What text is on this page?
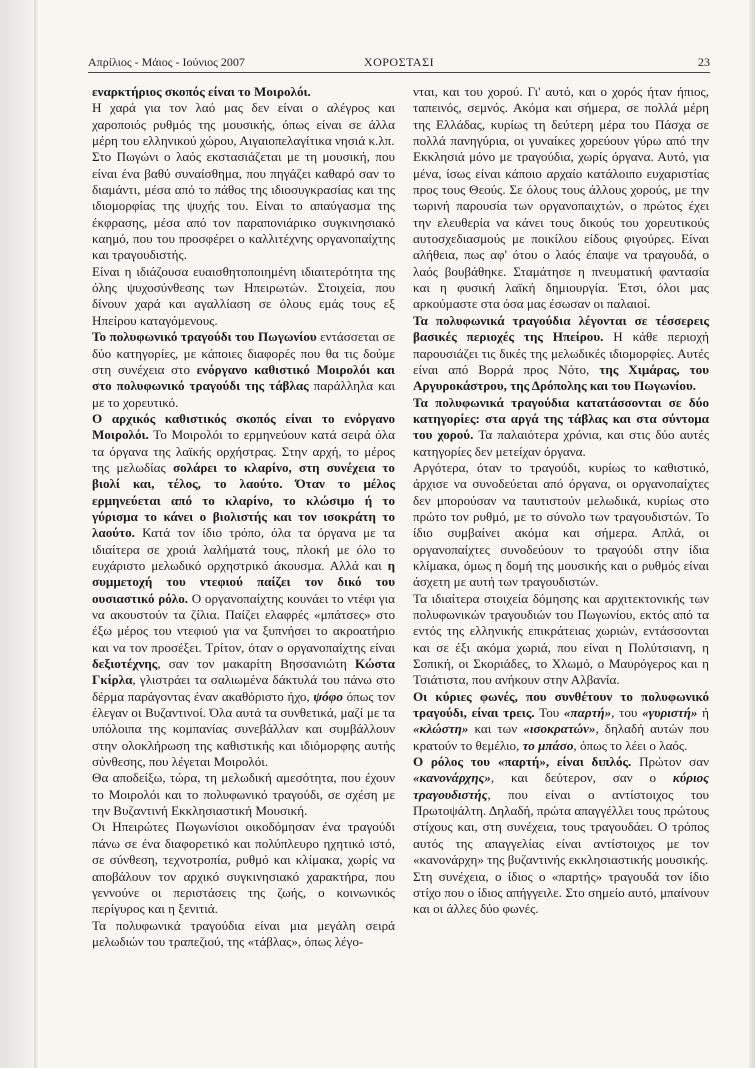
Απρίλιος - Μάιος - Ιούνιος 2007	ΧΟΡΟΣΤΑΣΙ	23

εναρκτήριος σκοπός είναι το Μοιρολόι.

Η χαρά για τον λαό μας δεν είναι ο αλέγρος και χαροποιός ρυθμός της μουσικής, όπως είναι σε άλλα μέρη του ελληνικού χώρου, Αιγαιοπελαγίτικα νησιά κ.λπ.

Στο Πωγώνι ο λαός εκστασιάζεται με τη μουσική, που είναι ένα βαθύ συναίσθημα, που πηγάζει καθαρό σαν το διαμάντι, μέσα από το πάθος της ιδιοσυγκρασίας και της ιδιομορφίας της ψυχής του. Είναι το απαύγασμα της έκφρασης, μέσα από τον παραπονιάρικο συγκινησιακό καημό, που του προσφέρει ο καλλιτέχνης οργανοπαίχτης και τραγουδιστής.

Είναι η ιδιάζουσα ευαισθητοποιημένη ιδιαιτερότητα της όλης ψυχοσύνθεσης των Ηπειρωτών. Στοιχεία, που δίνουν χαρά και αγαλλίαση σε όλους εμάς τους εξ Ηπείρου καταγόμενους.

Το πολυφωνικό τραγούδι του Πωγωνίου εντάσσεται σε δύο κατηγορίες, με κάποιες διαφορές που θα τις δούμε στη συνέχεια στο ενόργανο καθιστικό Μοιρολόι και στο πολυφωνικό τραγούδι της τάβλας παράλληλα και με το χορευτικό.

Ο αρχικός καθιστικός σκοπός είναι το ενόργανο Μοιρολόι. Το Μοιρολόι το ερμηνεύουν κατά σειρά όλα τα όργανα της λαϊκής ορχήστρας. Στην αρχή, το μέρος της μελωδίας σολάρει το κλαρίνο, στη συνέχεια το βιολί και, τέλος, το λαούτο. Όταν το μέλος ερμηνεύεται από το κλαρίνο, το κλώσιμο ή το γύρισμα το κάνει ο βιολιστής και τον ισοκράτη το λαούτο. Κατά τον ίδιο τρόπο, όλα τα όργανα με τα ιδιαίτερα σε χροιά λαλήματά τους, πλοκή με όλο το ευχάριστο μελωδικό ορχηστρικό άκουσμα. Αλλά και η συμμετοχή του ντεφιού παίζει τον δικό του ουσιαστικό ρόλο. Ο οργανοπαίχτης κουνάει το ντέφι για να ακουστούν τα ζίλια. Παίζει ελαφρές «μπάτσες» στο έξω μέρος του ντεφιού για να ξυπνήσει το ακροατήριο και να τον προσέξει. Τρίτον, όταν ο οργανοπαίχτης είναι δεξιοτέχνης, σαν τον μακαρίτη Βησσανιώτη Κώστα Γκίρλα, γλιστράει τα σαλιωμένα δάκτυλά του πάνω στο δέρμα παράγοντας έναν ακαθόριστο ήχο, ψόφο όπως τον έλεγαν οι Βυζαντινοί. Όλα αυτά τα συνθετικά, μαζί με τα υπόλοιπα της κομπανίας συνεβάλλαν και συμβάλλουν στην ολοκλήρωση της καθιστικής και ιδιόμορφης αυτής σύνθεσης, που λέγεται Μοιρολόι.

Θα αποδείξω, τώρα, τη μελωδική αμεσότητα, που έχουν το Μοιρολόι και το πολυφωνικό τραγούδι, σε σχέση με την Βυζαντινή Εκκλησιαστική Μουσική.

Οι Ηπειρώτες Πωγωνίσιοι οικοδόμησαν ένα τραγούδι πάνω σε ένα διαφορετικό και πολύπλευρο ηχητικό ιστό, σε σύνθεση, τεχνοτροπία, ρυθμό και κλίμακα, χωρίς να αποβάλουν τον αρχικό συγκινησιακό χαρακτήρα, που γεννούνε οι περιστάσεις της ζωής, ο κοινωνικός περίγυρος και η ξενιτιά.

Τα πολυφωνικά τραγούδια είναι μια μεγάλη σειρά μελωδιών του τραπεζιού, της «τάβλας», όπως λέγο-

νται, και του χορού. Γι' αυτό, και ο χορός ήταν ήπιος, ταπεινός, σεμνός. Ακόμα και σήμερα, σε πολλά μέρη της Ελλάδας, κυρίως τη δεύτερη μέρα του Πάσχα σε πολλά πανηγύρια, οι γυναίκες χορεύουν γύρω από την Εκκλησιά μόνο με τραγούδια, χωρίς όργανα. Αυτό, για μένα, ίσως είναι κάποιο αρχαίο κατάλοιπο ευχαριστίας προς τους Θεούς. Σε όλους τους άλλους χορούς, με την τωρινή παρουσία των οργανοπαιχτών, ο πρώτος έχει την ελευθερία να κάνει τους δικούς του χορευτικούς αυτοσχεδιασμούς με ποικίλου είδους φιγούρες. Είναι αλήθεια, πως αφ' ότου ο λαός έπαψε να τραγουδά, ο λαός βουβάθηκε. Σταμάτησε η πνευματική φαντασία και η φυσική λαϊκή δημιουργία. Έτσι, όλοι μας αρκούμαστε στα όσα μας έσωσαν οι παλαιοί.

Τα πολυφωνικά τραγούδια λέγονται σε τέσσερεις βασικές περιοχές της Ηπείρου. Η κάθε περιοχή παρουσιάζει τις δικές της μελωδικές ιδιομορφίες. Αυτές είναι από Βορρά προς Νότο, της Χιμάρας, του Αργυροκάστρου, της Δρόπολης και του Πωγωνίου.

Τα πολυφωνικά τραγούδια κατατάσσονται σε δύο κατηγορίες: στα αργά της τάβλας και στα σύντομα του χορού. Τα παλαιότερα χρόνια, και στις δύο αυτές κατηγορίες δεν μετείχαν όργανα.

Αργότερα, όταν το τραγούδι, κυρίως το καθιστικό, άρχισε να συνοδεύεται από όργανα, οι οργανοπαίχτες δεν μπορούσαν να ταυτιστούν μελωδικά, κυρίως στο πρώτο τον ρυθμό, με το σύνολο των τραγουδιστών. Το ίδιο συμβαίνει ακόμα και σήμερα. Απλά, οι οργανοπαίχτες συνοδεύουν το τραγούδι στην ίδια κλίμακα, όμως η δομή της μουσικής και ο ρυθμός είναι άσχετη με αυτή των τραγουδιστών.

Τα ιδιαίτερα στοιχεία δόμησης και αρχιτεκτονικής των πολυφωνικών τραγουδιών του Πωγωνίου, εκτός από τα εντός της ελληνικής επικράτειας χωριών, εντάσσονται και σε έξι ακόμα χωριά, που είναι η Πολύτσιανη, η Σοπική, οι Σκοριάδες, το Χλωμό, ο Μαυρόγερος και η Τσιάτιστα, που ανήκουν στην Αλβανία.

Οι κύριες φωνές, που συνθέτουν το πολυφωνικό τραγούδι, είναι τρεις. Του «παρτή», του «γυριστή» ή «κλώστη» και των «ισοκρατών», δηλαδή αυτών που κρατούν το θεμέλιο, το μπάσο, όπως το λέει ο λαός.

Ο ρόλος του «παρτή», είναι διπλός. Πρώτον σαν «κανονάρχης», και δεύτερον, σαν ο κύριος τραγουδιστής, που είναι ο αντίστοιχος του Πρωτοψάλτη. Δηλαδή, πρώτα απαγγέλλει τους πρώτους στίχους και, στη συνέχεια, τους τραγουδάει. Ο τρόπος αυτός της απαγγελίας είναι αντίστοιχος με τον «κανονάρχη» της βυζαντινής εκκλησιαστικής μουσικής.

Στη συνέχεια, ο ίδιος ο «παρτής» τραγουδά τον ίδιο στίχο που ο ίδιος απήγγειλε. Στο σημείο αυτό, μπαίνουν και οι άλλες δύο φωνές.
